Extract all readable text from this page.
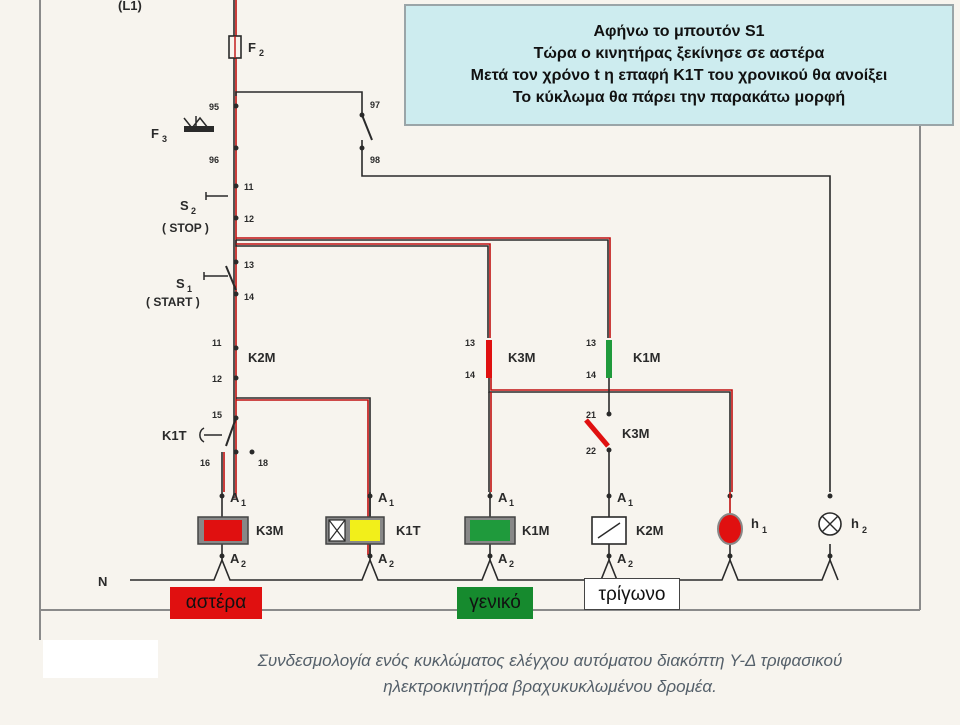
(L1)
F 2
95
96
97
98
F 3
11
12
S 2
( STOP )
13
14
S 1
( START )
11
12
K2M
15
16	18
K1T
13
14
K3M
13
14
K1M
21
22
K3M
K3M
A 1
A 2
K1T
A 1
A 2
K1M
A 1
A 2
K2M
A 1
A 2
h 1	h 2
N
Αφήνω το μπουτόν S1
Τώρα ο κινητήρας ξεκίνησε σε αστέρα
Μετά τον χρόνο t η επαφή K1T του χρονικού θα ανοίξει
Το κύκλωμα θα πάρει την παρακάτω μορφή
αστέρα	γενικό	τρίγωνο
Συνδεσμολογία ενός κυκλώματος ελέγχου αυτόματου διακόπτη Y-Δ τριφασικού
ηλεκτροκινητήρα βραχυκυκλωμένου δρομέα.
